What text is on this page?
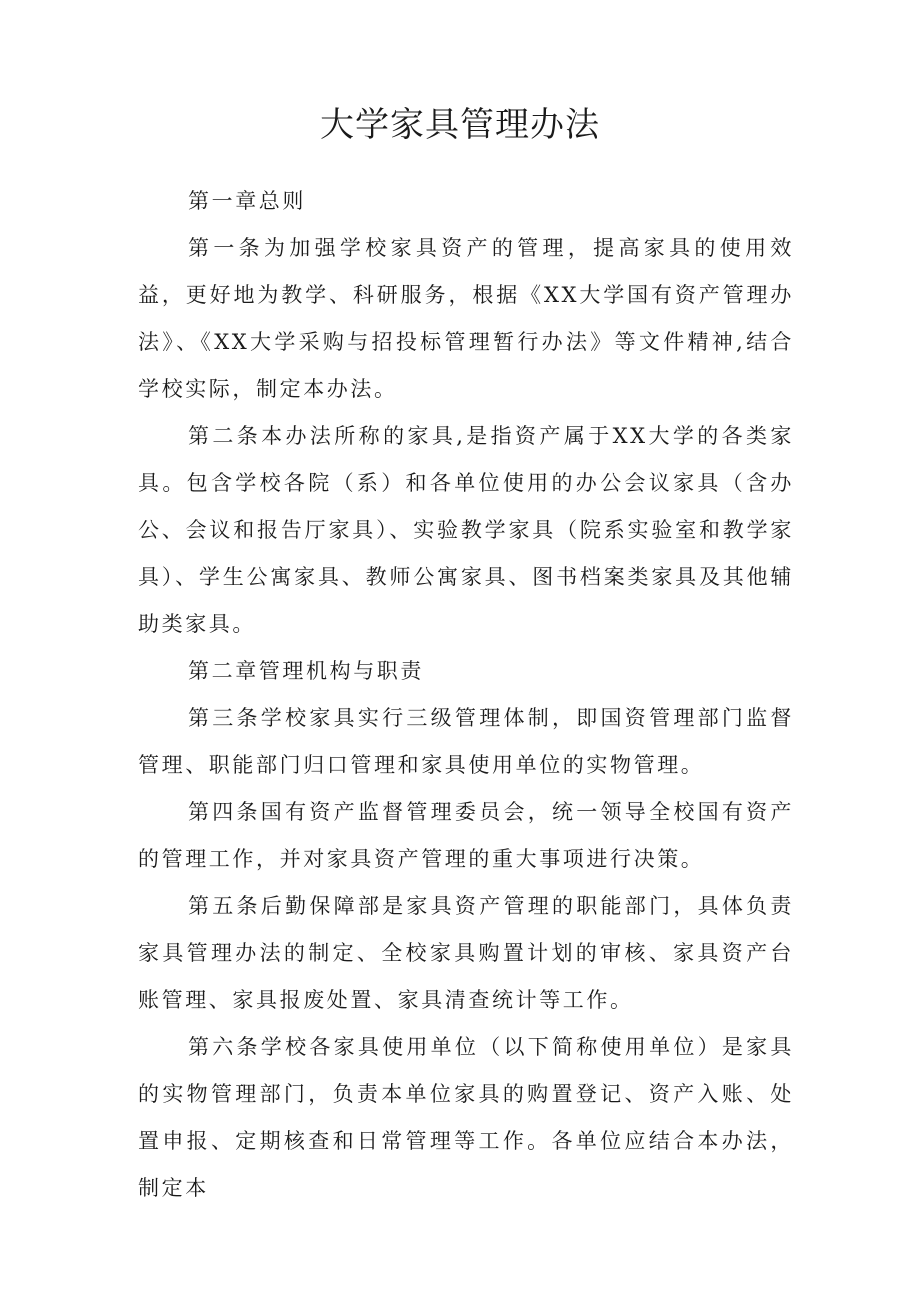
大学家具管理办法

第一章总则

第一条为加强学校家具资产的管理，提高家具的使用效益，更好地为教学、科研服务，根据《XX大学国有资产管理办法》、《XX大学采购与招投标管理暂行办法》等文件精神,结合学校实际，制定本办法。

第二条本办法所称的家具,是指资产属于XX大学的各类家具。包含学校各院（系）和各单位使用的办公会议家具（含办公、会议和报告厅家具）、实验教学家具（院系实验室和教学家具）、学生公寓家具、教师公寓家具、图书档案类家具及其他辅助类家具。

第二章管理机构与职责

第三条学校家具实行三级管理体制，即国资管理部门监督管理、职能部门归口管理和家具使用单位的实物管理。

第四条国有资产监督管理委员会，统一领导全校国有资产的管理工作，并对家具资产管理的重大事项进行决策。

第五条后勤保障部是家具资产管理的职能部门，具体负责家具管理办法的制定、全校家具购置计划的审核、家具资产台账管理、家具报废处置、家具清查统计等工作。

第六条学校各家具使用单位（以下简称使用单位）是家具的实物管理部门，负责本单位家具的购置登记、资产入账、处置申报、定期核查和日常管理等工作。各单位应结合本办法，制定本
